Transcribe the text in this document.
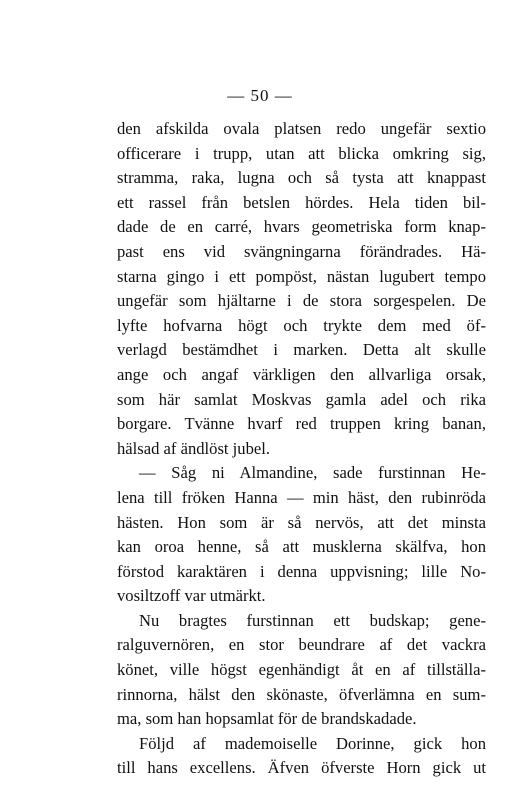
— 50 —
den afskilda ovala platsen redo ungefär sextio
officerare i trupp, utan att blicka omkring sig,
stramma, raka, lugna och så tysta att knappast
ett rassel från betslen hördes. Hela tiden bil-
dade de en carré, hvars geometriska form knap-
past ens vid svängningarna förändrades. Hä-
starna gingo i ett pompöst, nästan lugubert tempo
ungefär som hjältarne i de stora sorgespelen. De
lyfte hofvarna högt och trykte dem med öf-
verlagd bestämdhet i marken. Detta alt skulle
ange och angaf värkligen den allvarliga orsak,
som här samlat Moskvas gamla adel och rika
borgare. Tvänne hvarf red truppen kring banan,
hälsad af ändlöst jubel.
— Såg ni Almandine, sade furstinnan He-
lena till fröken Hanna — min häst, den rubinröda
hästen. Hon som är så nervös, att det minsta
kan oroa henne, så att musklerna skälfva, hon
förstod karaktären i denna uppvisning; lille No-
vosiltzoff var utmärkt.
Nu bragtes furstinnan ett budskap; gene-
ralguvernören, en stor beundrare af det vackra
könet, ville högst egenhändigt åt en af tillställa-
rinnorna, hälst den skönaste, öfverlämna en sum-
ma, som han hopsamlat för de brandskadade.
Följd af mademoiselle Dorinne, gick hon
till hans excellens. Äfven öfverste Horn gick ut
